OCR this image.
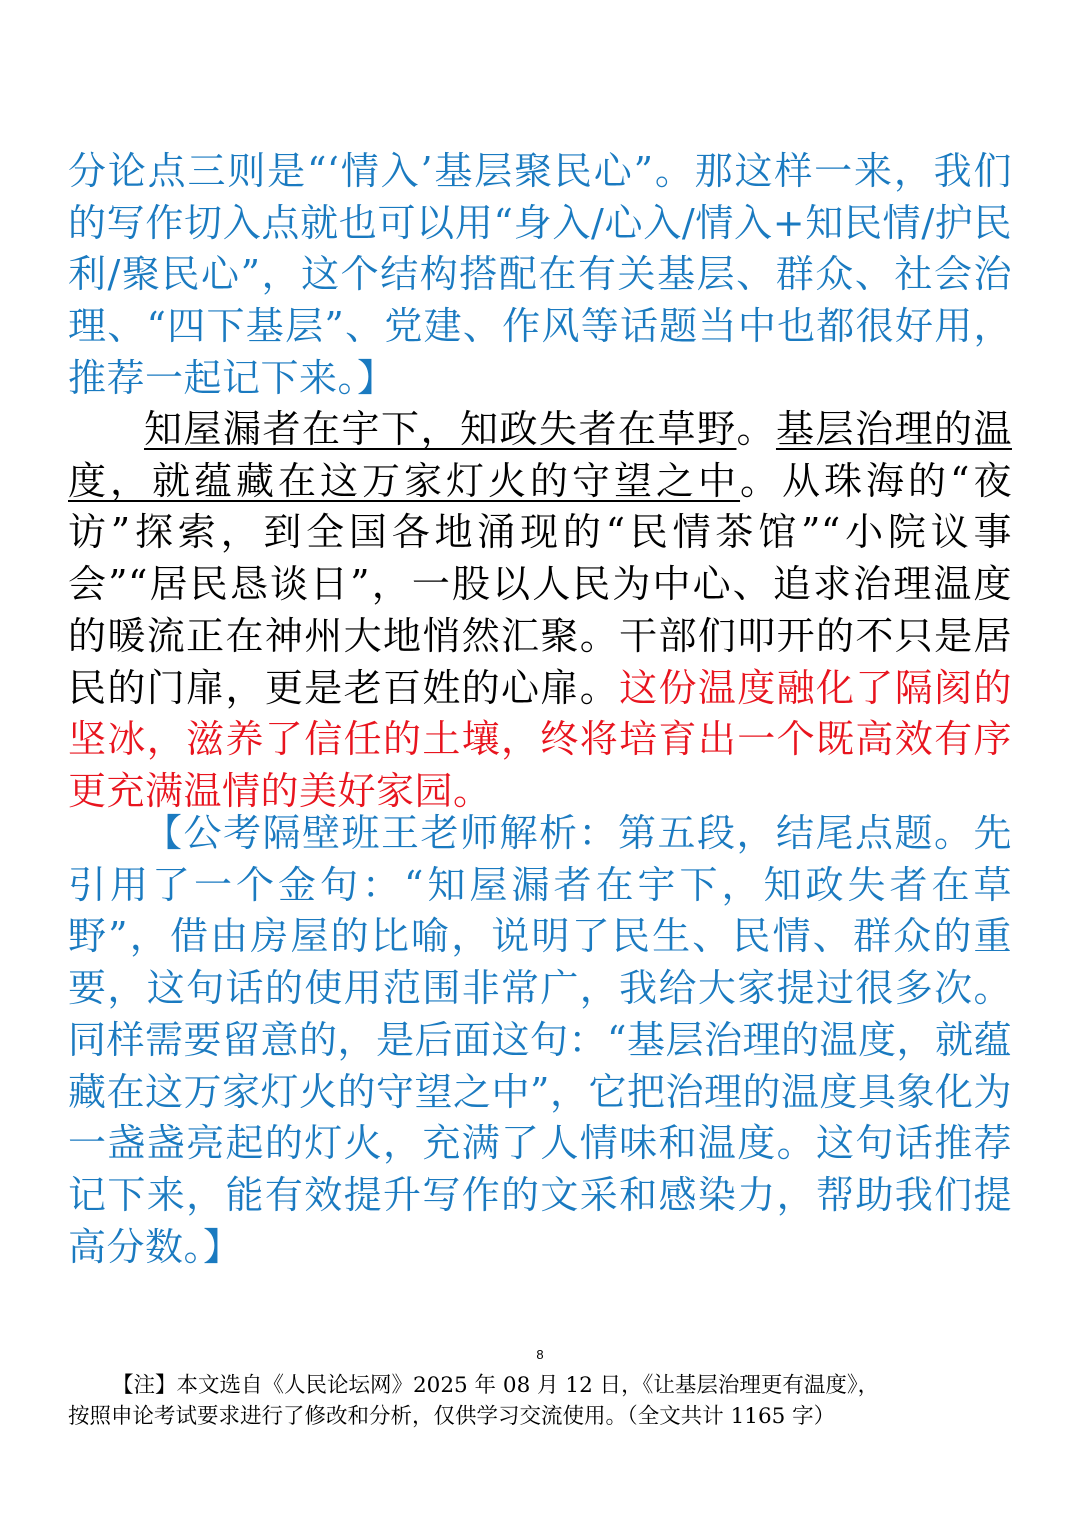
分论点三则是“‘情入’基层聚民心”。那这样一来，我们的写作切入点就也可以用“身入/心入/情入+知民情/护民利/聚民心”，这个结构搭配在有关基层、群众、社会治理、“四下基层”、党建、作风等话题当中也都很好用，推荐一起记下来。】
知屋漏者在宇下，知政失者在草野。基层治理的温度，就蕴藏在这万家灯火的守望之中。从珠海的“夜访”探索，到全国各地涌现的“民情茶馆”“小院议事会”“居民恳谈日”，一股以人民为中心、追求治理温度的暖流正在神州大地悄然汇聚。干部们叩开的不只是居民的门扉，更是老百姓的心扉。这份温度融化了隔阂的坚冰，滋养了信任的土壤，终将培育出一个既高效有序更充满温情的美好家园。
【公考隔壁班王老师解析：第五段，结尾点题。先引用了一个金句：“知屋漏者在宇下，知政失者在草野”，借由房屋的比喻，说明了民生、民情、群众的重要，这句话的使用范围非常广，我给大家提过很多次。同样需要留意的，是后面这句：“基层治理的温度，就蕴藏在这万家灯火的守望之中”，它把治理的温度具象化为一盏盏亮起的灯火，充满了人情味和温度。这句话推荐记下来，能有效提升写作的文采和感染力，帮助我们提高分数。】
8
【注】本文选自《人民论坛网》2025 年 08 月 12 日，《让基层治理更有温度》，
按照申论考试要求进行了修改和分析，仅供学习交流使用。（全文共计 1165 字）
